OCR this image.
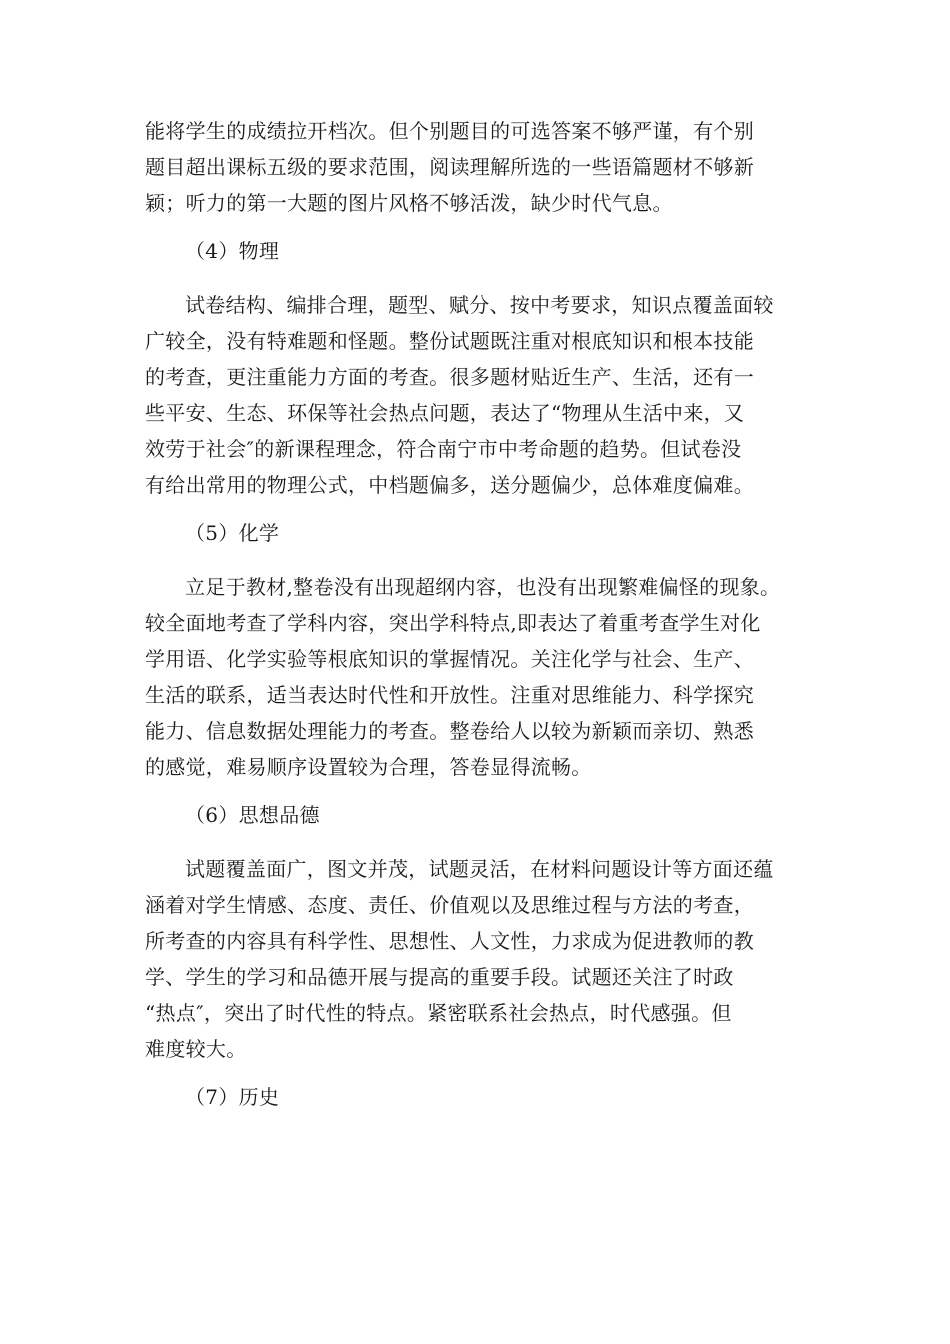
能将学生的成绩拉开档次。但个别题目的可选答案不够严谨，有个别
题目超出课标五级的要求范围，阅读理解所选的一些语篇题材不够新
颖；听力的第一大题的图片风格不够活泼，缺少时代气息。

（4）物理

试卷结构、编排合理，题型、赋分、按中考要求，知识点覆盖面较
广较全，没有特难题和怪题。整份试题既注重对根底知识和根本技能
的考查，更注重能力方面的考查。很多题材贴近生产、生活，还有一
些平安、生态、环保等社会热点问题，表达了“物理从生活中来，又
效劳于社会″的新课程理念，符合南宁市中考命题的趋势。但试卷没
有给出常用的物理公式，中档题偏多，送分题偏少，总体难度偏难。

（5）化学

立足于教材,整卷没有出现超纲内容，也没有出现繁难偏怪的现象。
较全面地考查了学科内容，突出学科特点,即表达了着重考查学生对化
学用语、化学实验等根底知识的掌握情况。关注化学与社会、生产、
生活的联系，适当表达时代性和开放性。注重对思维能力、科学探究
能力、信息数据处理能力的考查。整卷给人以较为新颖而亲切、熟悉
的感觉，难易顺序设置较为合理，答卷显得流畅。

（6）思想品德

试题覆盖面广，图文并茂，试题灵活，在材料问题设计等方面还蕴
涵着对学生情感、态度、责任、价值观以及思维过程与方法的考查，
所考查的内容具有科学性、思想性、人文性，力求成为促进教师的教
学、学生的学习和品德开展与提高的重要手段。试题还关注了时政
“热点″，突出了时代性的特点。紧密联系社会热点，时代感强。但
难度较大。

（7）历史
